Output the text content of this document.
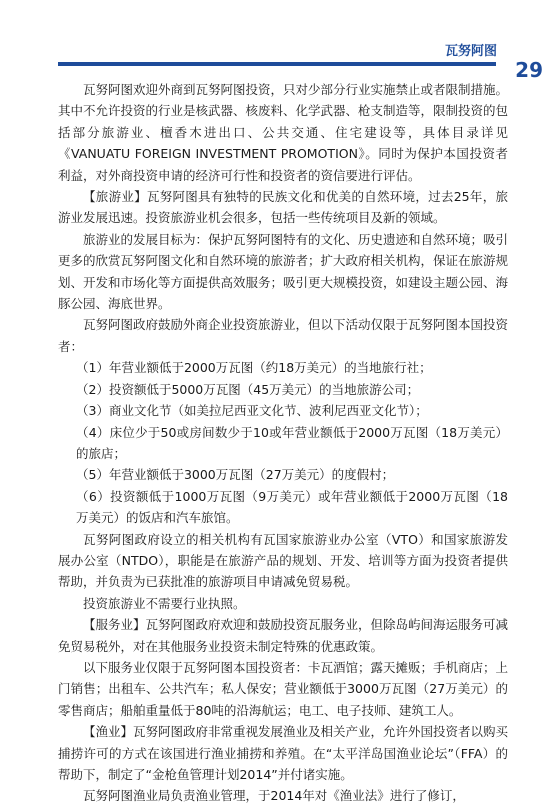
瓦努阿图
29

瓦努阿图欢迎外商到瓦努阿图投资，只对少部分行业实施禁止或者限制措施。其中不允许投资的行业是核武器、核废料、化学武器、枪支制造等，限制投资的包括部分旅游业、檀香木进出口、公共交通、住宅建设等，具体目录详见《VANUATU FOREIGN INVESTMENT PROMOTION》。同时为保护本国投资者利益，对外商投资申请的经济可行性和投资者的资信要进行评估。

【旅游业】瓦努阿图具有独特的民族文化和优美的自然环境，过去25年，旅游业发展迅速。投资旅游业机会很多，包括一些传统项目及新的领域。

旅游业的发展目标为：保护瓦努阿图特有的文化、历史遗迹和自然环境；吸引更多的欣赏瓦努阿图文化和自然环境的旅游者；扩大政府相关机构，保证在旅游规划、开发和市场化等方面提供高效服务；吸引更大规模投资，如建设主题公园、海豚公园、海底世界。

瓦努阿图政府鼓励外商企业投资旅游业，但以下活动仅限于瓦努阿图本国投资者：

（1）年营业额低于2000万瓦图（约18万美元）的当地旅行社；

（2）投资额低于5000万瓦图（45万美元）的当地旅游公司；

（3）商业文化节（如美拉尼西亚文化节、波利尼西亚文化节）；

（4）床位少于50或房间数少于10或年营业额低于2000万瓦图（18万美元）的旅店；

（5）年营业额低于3000万瓦图（27万美元）的度假村；

（6）投资额低于1000万瓦图（9万美元）或年营业额低于2000万瓦图（18万美元）的饭店和汽车旅馆。

瓦努阿图政府设立的相关机构有瓦国家旅游业办公室（VTO）和国家旅游发展办公室（NTDO），职能是在旅游产品的规划、开发、培训等方面为投资者提供帮助，并负责为已获批准的旅游项目申请减免贸易税。

投资旅游业不需要行业执照。

【服务业】瓦努阿图政府欢迎和鼓励投资瓦服务业，但除岛屿间海运服务可减免贸易税外，对在其他服务业投资未制定特殊的优惠政策。

以下服务业仅限于瓦努阿图本国投资者：卡瓦酒馆；露天摊贩；手机商店；上门销售；出租车、公共汽车；私人保安；营业额低于3000万瓦图（27万美元）的零售商店；船舶重量低于80吨的沿海航运；电工、电子技师、建筑工人。

【渔业】瓦努阿图政府非常重视发展渔业及相关产业，允许外国投资者以购买捕捞许可的方式在该国进行渔业捕捞和养殖。在“太平洋岛国渔业论坛”（FFA）的帮助下，制定了“金枪鱼管理计划2014”并付诸实施。

瓦努阿图渔业局负责渔业管理，于2014年对《渔业法》进行了修订，
